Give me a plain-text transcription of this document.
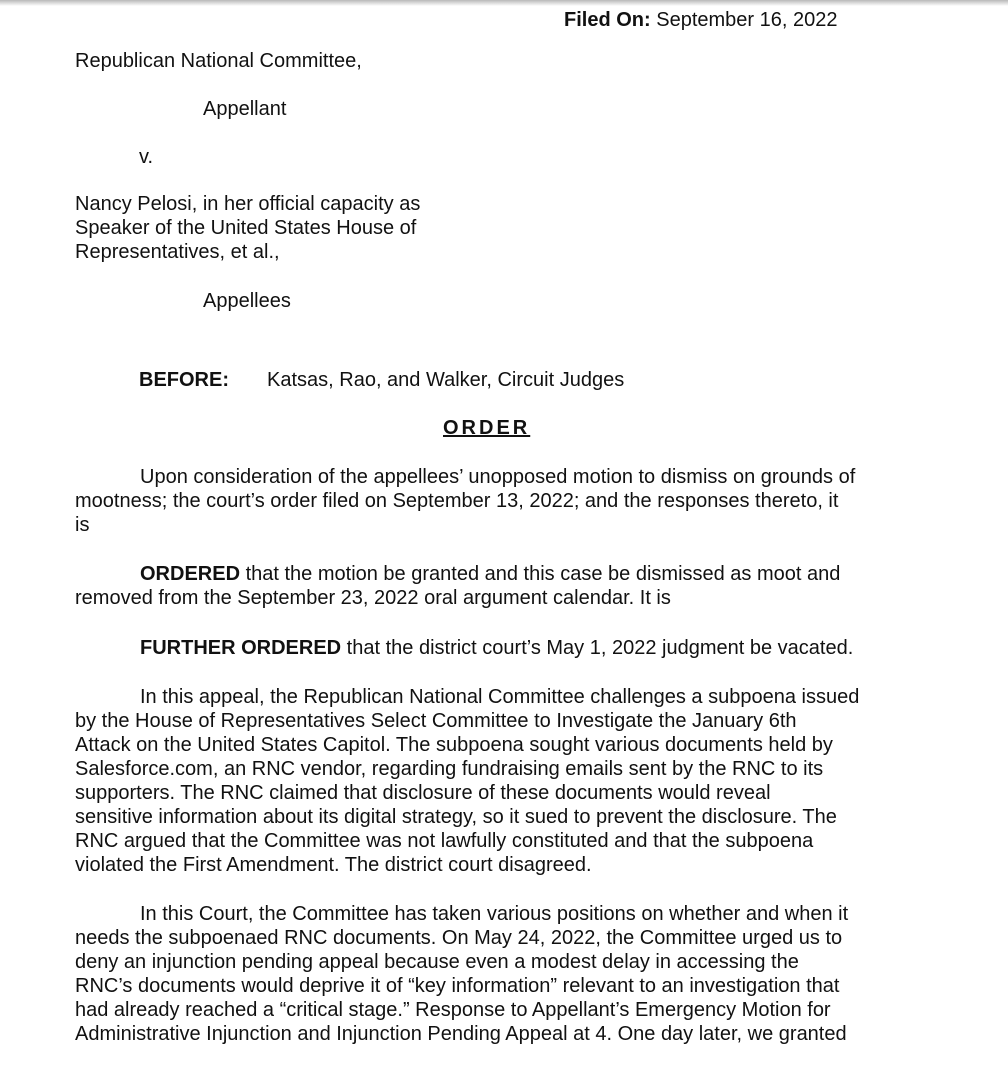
Filed On: September 16, 2022
Republican National Committee,
Appellant
v.
Nancy Pelosi, in her official capacity as
Speaker of the United States House of
Representatives, et al.,
Appellees
BEFORE: Katsas, Rao, and Walker, Circuit Judges
ORDER
Upon consideration of the appellees’ unopposed motion to dismiss on grounds of
mootness; the court’s order filed on September 13, 2022; and the responses thereto, it
is
ORDERED that the motion be granted and this case be dismissed as moot and
removed from the September 23, 2022 oral argument calendar. It is
FURTHER ORDERED that the district court’s May 1, 2022 judgment be vacated.
In this appeal, the Republican National Committee challenges a subpoena issued
by the House of Representatives Select Committee to Investigate the January 6th
Attack on the United States Capitol. The subpoena sought various documents held by
Salesforce.com, an RNC vendor, regarding fundraising emails sent by the RNC to its
supporters. The RNC claimed that disclosure of these documents would reveal
sensitive information about its digital strategy, so it sued to prevent the disclosure. The
RNC argued that the Committee was not lawfully constituted and that the subpoena
violated the First Amendment. The district court disagreed.
In this Court, the Committee has taken various positions on whether and when it
needs the subpoenaed RNC documents. On May 24, 2022, the Committee urged us to
deny an injunction pending appeal because even a modest delay in accessing the
RNC’s documents would deprive it of “key information” relevant to an investigation that
had already reached a “critical stage.” Response to Appellant’s Emergency Motion for
Administrative Injunction and Injunction Pending Appeal at 4. One day later, we granted
